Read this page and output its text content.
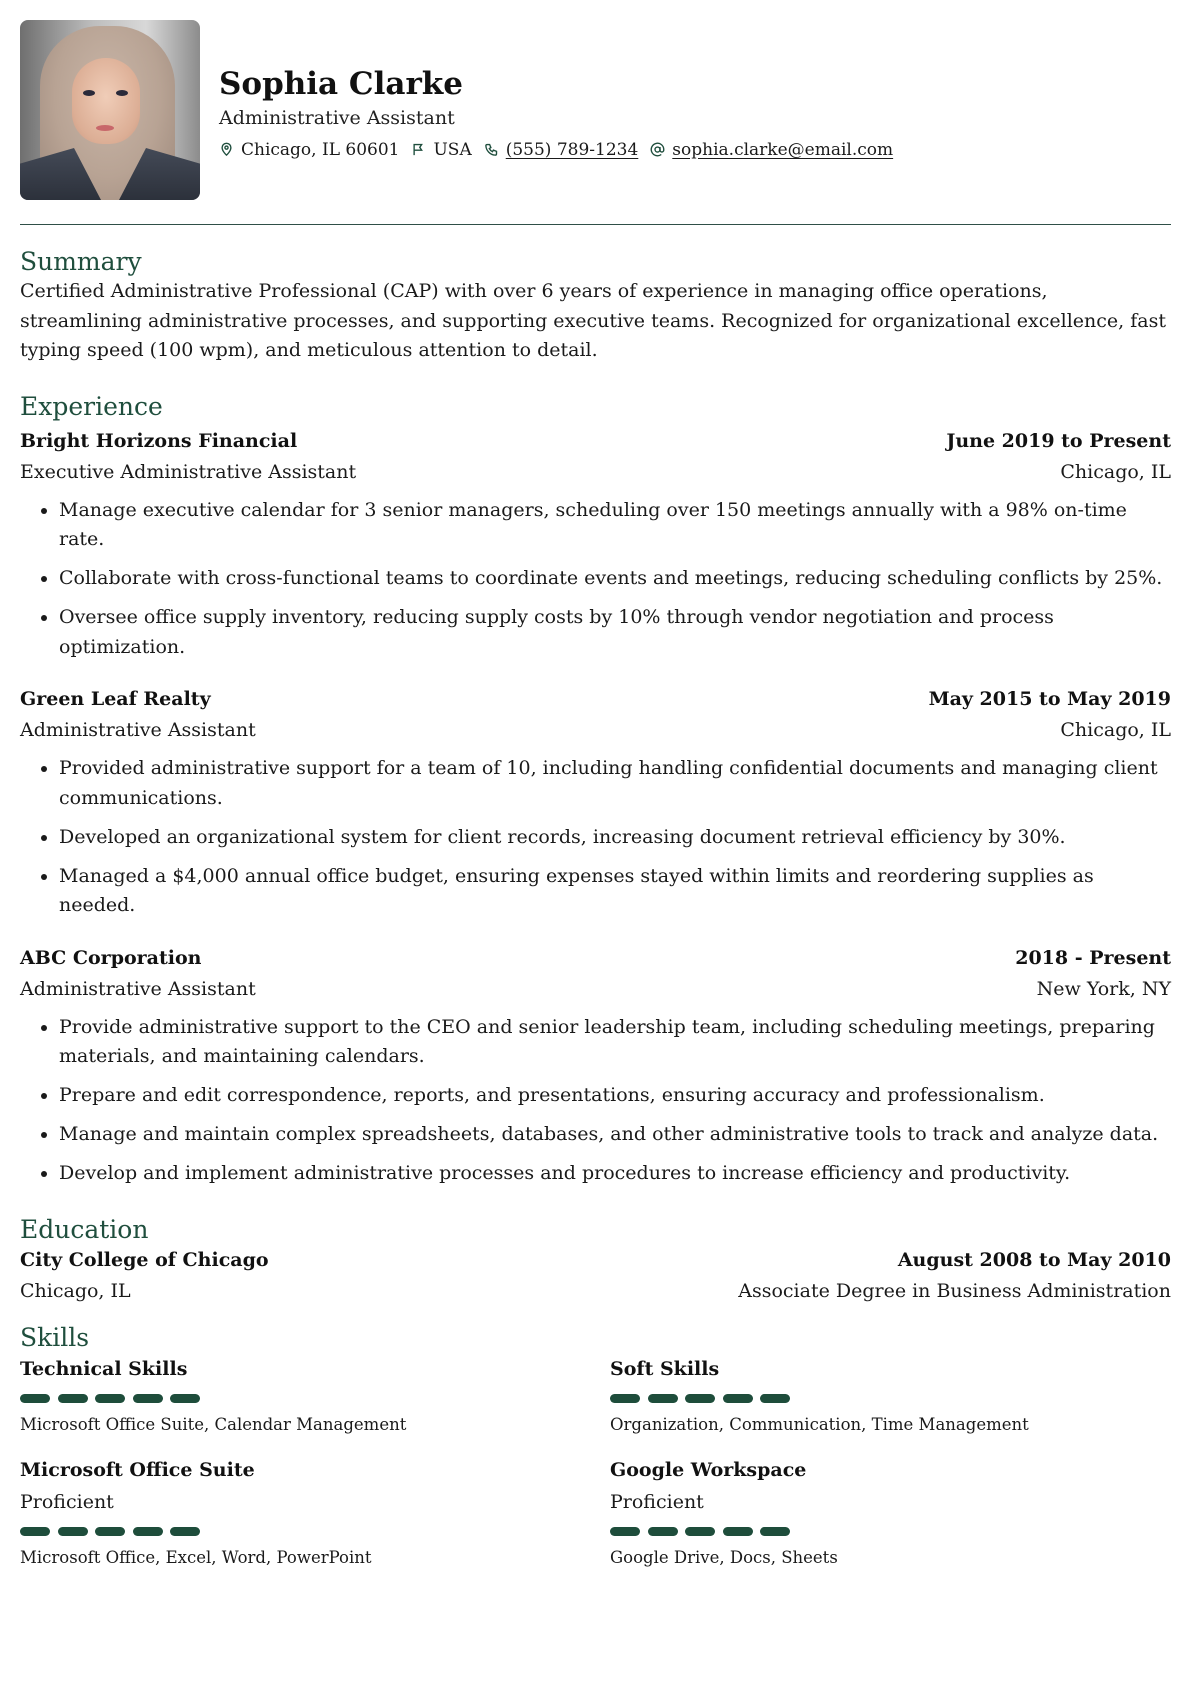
Sophia Clarke
Administrative Assistant
Chicago, IL 60601 USA (555) 789-1234 sophia.clarke@email.com
Summary
Certified Administrative Professional (CAP) with over 6 years of experience in managing office operations, streamlining administrative processes, and supporting executive teams. Recognized for organizational excellence, fast typing speed (100 wpm), and meticulous attention to detail.
Experience
Bright Horizons Financial	June 2019 to Present
Executive Administrative Assistant	Chicago, IL
• Manage executive calendar for 3 senior managers, scheduling over 150 meetings annually with a 98% on-time rate.
• Collaborate with cross-functional teams to coordinate events and meetings, reducing scheduling conflicts by 25%.
• Oversee office supply inventory, reducing supply costs by 10% through vendor negotiation and process optimization.
Green Leaf Realty	May 2015 to May 2019
Administrative Assistant	Chicago, IL
• Provided administrative support for a team of 10, including handling confidential documents and managing client communications.
• Developed an organizational system for client records, increasing document retrieval efficiency by 30%.
• Managed a $4,000 annual office budget, ensuring expenses stayed within limits and reordering supplies as needed.
ABC Corporation	2018 - Present
Administrative Assistant	New York, NY
• Provide administrative support to the CEO and senior leadership team, including scheduling meetings, preparing materials, and maintaining calendars.
• Prepare and edit correspondence, reports, and presentations, ensuring accuracy and professionalism.
• Manage and maintain complex spreadsheets, databases, and other administrative tools to track and analyze data.
• Develop and implement administrative processes and procedures to increase efficiency and productivity.
Education
City College of Chicago	August 2008 to May 2010
Chicago, IL	Associate Degree in Business Administration
Skills
Technical Skills
Microsoft Office Suite, Calendar Management
Soft Skills
Organization, Communication, Time Management
Microsoft Office Suite
Proficient
Microsoft Office, Excel, Word, PowerPoint
Google Workspace
Proficient
Google Drive, Docs, Sheets
